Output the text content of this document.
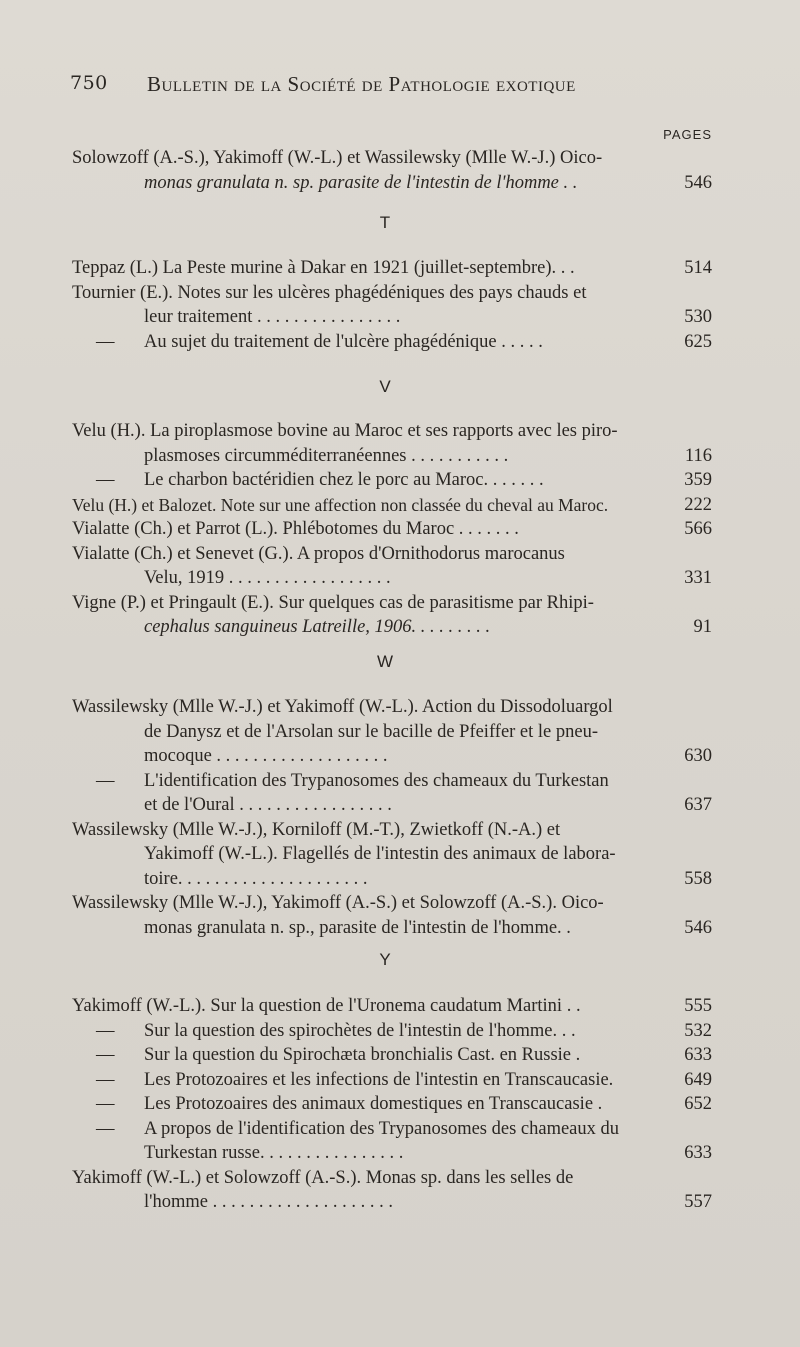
750 Bulletin de la Société de Pathologie exotique
PAGES
Solowzoff (A.-S.), Yakimoff (W.-L.) et Wassilewsky (Mlle W.-J.) Oico-
monas granulata n. sp. parasite de l'intestin de l'homme . .	546
T
Teppaz (L.) La Peste murine à Dakar en 1921 (juillet-septembre). . .	514
Tournier (E.). Notes sur les ulcères phagédéniques des pays chauds et
leur traitement . . . . . . . . . . . . . . . .	530
— Au sujet du traitement de l'ulcère phagédénique . . . . .	625
V
Velu (H.). La piroplasmose bovine au Maroc et ses rapports avec les piro-
plasmoses circumméditerranéennes . . . . . . . . . . .	116
— Le charbon bactéridien chez le porc au Maroc. . . . . . .	359
Velu (H.) et Balozet. Note sur une affection non classée du cheval au Maroc.	222
Vialatte (Ch.) et Parrot (L.). Phlébotomes du Maroc . . . . . . .	566
Vialatte (Ch.) et Senevet (G.). A propos d'Ornithodorus marocanus
Velu, 1919 . . . . . . . . . . . . . . . . . .	331
Vigne (P.) et Pringault (E.). Sur quelques cas de parasitisme par Rhipi-
cephalus sanguineus Latreille, 1906. . . . . . . . .	91
W
Wassilewsky (Mlle W.-J.) et Yakimoff (W.-L.). Action du Dissodoluargol
de Danysz et de l'Arsolan sur le bacille de Pfeiffer et le pneu-
mocoque . . . . . . . . . . . . . . . . . . .	630
— L'identification des Trypanosomes des chameaux du Turkestan
et de l'Oural . . . . . . . . . . . . . . . . .	637
Wassilewsky (Mlle W.-J.), Korniloff (M.-T.), Zwietkoff (N.-A.) et
Yakimoff (W.-L.). Flagellés de l'intestin des animaux de labora-
toire. . . . . . . . . . . . . . . . . . . . .	558
Wassilewsky (Mlle W.-J.), Yakimoff (A.-S.) et Solowzoff (A.-S.). Oico-
monas granulata n. sp., parasite de l'intestin de l'homme. .	546
Y
Yakimoff (W.-L.). Sur la question de l'Uronema caudatum Martini . .	555
— Sur la question des spirochètes de l'intestin de l'homme. . .	532
— Sur la question du Spirochæta bronchialis Cast. en Russie .	633
— Les Protozoaires et les infections de l'intestin en Transcaucasie.	649
— Les Protozoaires des animaux domestiques en Transcaucasie .	652
— A propos de l'identification des Trypanosomes des chameaux du
Turkestan russe. . . . . . . . . . . . . . . .	633
Yakimoff (W.-L.) et Solowzoff (A.-S.). Monas sp. dans les selles de
l'homme . . . . . . . . . . . . . . . . . . . .	557
